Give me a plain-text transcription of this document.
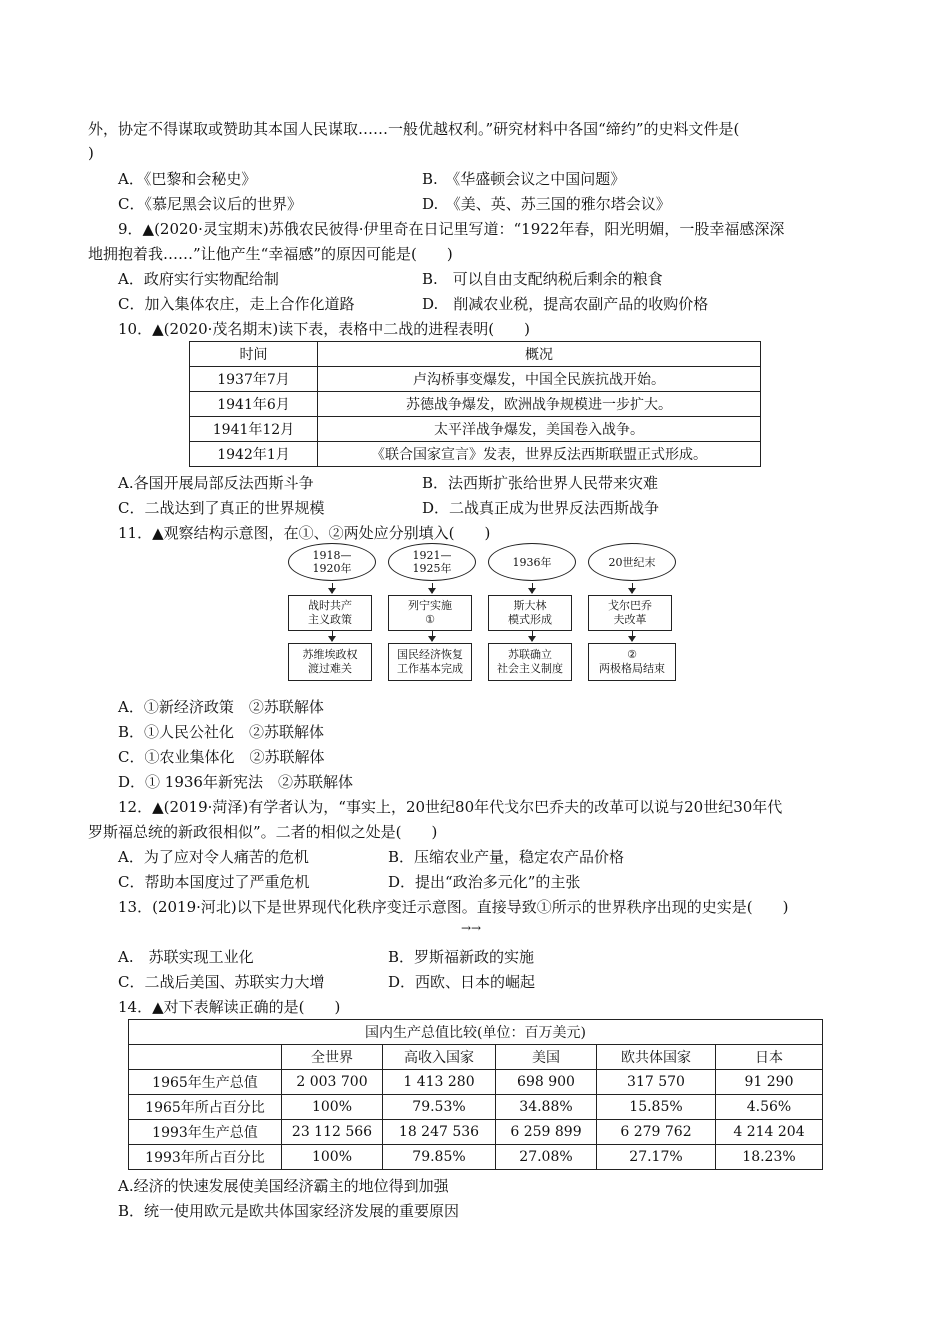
外，协定不得谋取或赞助其本国人民谋取……一般优越权利。”研究材料中各国“缔约”的史料文件是(
)
A．《巴黎和会秘史》	B.　《华盛顿会议之中国问题》
C．《慕尼黑会议后的世界》	D.　《美、英、苏三国的雅尔塔会议》
9．▲(2020·灵宝期末)苏俄农民彼得·伊里奇在日记里写道：“1922年春，阳光明媚，一股幸福感深深
地拥抱着我……”让他产生“幸福感”的原因可能是(　　)
A．政府实行实物配给制	B.　可以自由支配纳税后剩余的粮食
C．加入集体农庄，走上合作化道路	D.　削减农业税，提高农副产品的收购价格
10．▲(2020·茂名期末)读下表，表格中二战的进程表明(　　)
时间	概况
1937年7月	卢沟桥事变爆发，中国全民族抗战开始。
1941年6月	苏德战争爆发，欧洲战争规模进一步扩大。
1941年12月	太平洋战争爆发，美国卷入战争。
1942年1月	《联合国家宣言》发表，世界反法西斯联盟正式形成。
A.各国开展局部反法西斯斗争	B．法西斯扩张给世界人民带来灾难
C．二战达到了真正的世界规模	D．二战真正成为世界反法西斯战争
11．▲观察结构示意图，在①、②两处应分别填入(　　)
1918—
1920年
战时共产
主义政策
苏维埃政权
渡过难关
1921—
1925年
列宁实施
①
国民经济恢复
工作基本完成
1936年
斯大林
模式形成
苏联确立
社会主义制度
20世纪末
戈尔巴乔
夫改革
②
两极格局结束
A．①新经济政策　②苏联解体
B．①人民公社化　②苏联解体
C．①农业集体化　②苏联解体
D．① 1936年新宪法　②苏联解体
12．▲(2019·菏泽)有学者认为，“事实上，20世纪80年代戈尔巴乔夫的改革可以说与20世纪30年代
罗斯福总统的新政很相似”。二者的相似之处是(　　)
A．为了应对令人痛苦的危机	B．压缩农业产量，稳定农产品价格
C．帮助本国度过了严重危机	D．提出“政治多元化”的主张
13．(2019·河北)以下是世界现代化秩序变迁示意图。直接导致①所示的世界秩序出现的史实是(　　)
→→
A.　苏联实现工业化	B．罗斯福新政的实施
C．二战后美国、苏联实力大增	D．西欧、日本的崛起
14．▲对下表解读正确的是(　　)
国内生产总值比较(单位：百万美元)					
	全世界	高收入国家	美国	欧共体国家	日本
1965年生产总值	2 003 700	1 413 280	698 900	317 570	91 290
1965年所占百分比	100%	79.53%	34.88%	15.85%	4.56%
1993年生产总值	23 112 566	18 247 536	6 259 899	6 279 762	4 214 204
1993年所占百分比	100%	79.85%	27.08%	27.17%	18.23%
A.经济的快速发展使美国经济霸主的地位得到加强
B．统一使用欧元是欧共体国家经济发展的重要原因
